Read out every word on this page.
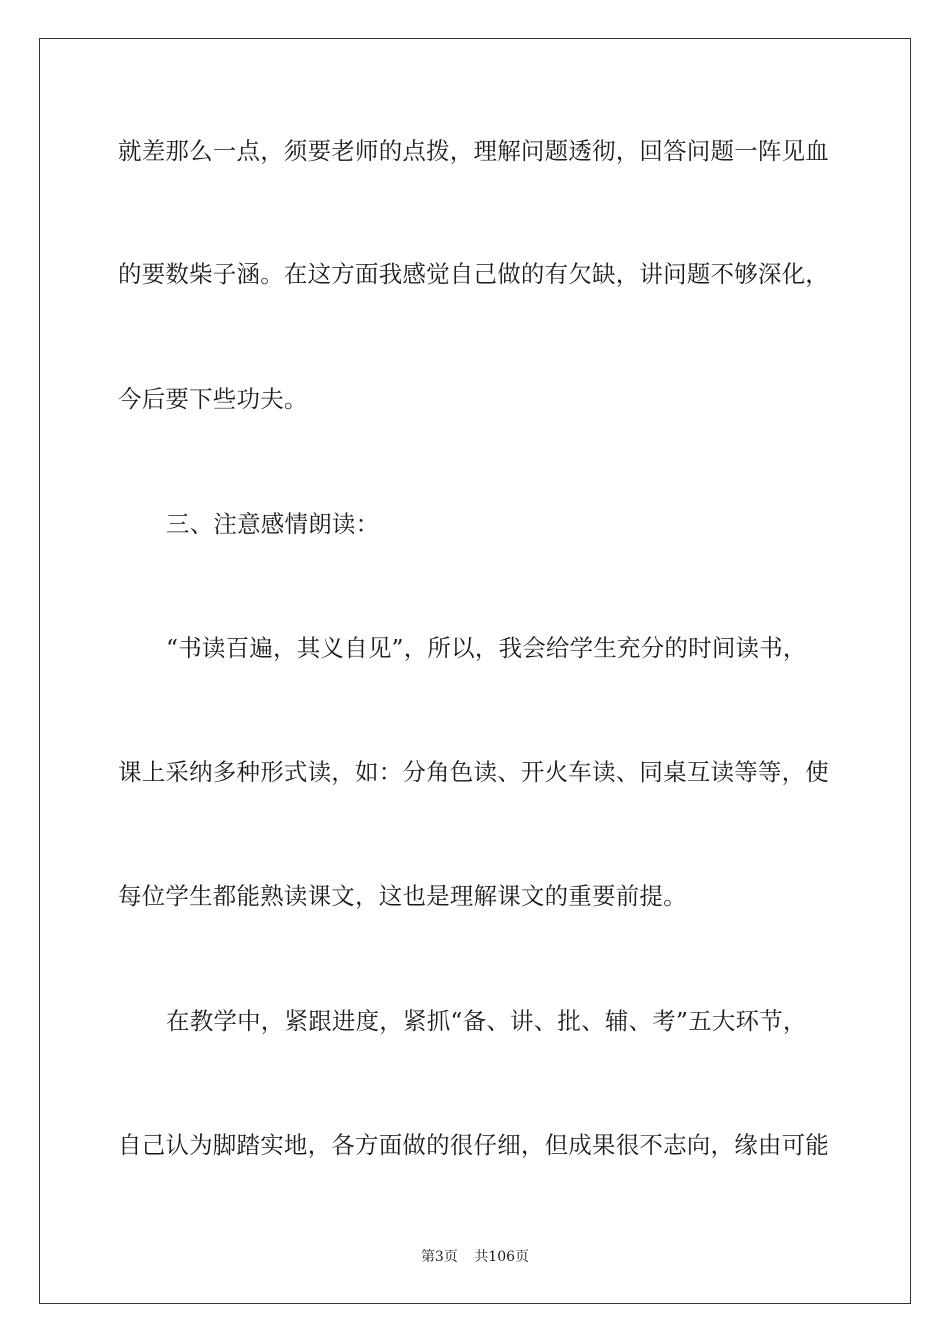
就差那么一点，须要老师的点拨，理解问题透彻，回答问题一阵见血
的要数柴子涵。在这方面我感觉自己做的有欠缺，讲问题不够深化，
今后要下些功夫。
三、注意感情朗读：
“书读百遍，其义自见”，所以，我会给学生充分的时间读书，
课上采纳多种形式读，如：分角色读、开火车读、同桌互读等等，使
每位学生都能熟读课文，这也是理解课文的重要前提。
在教学中，紧跟进度，紧抓“备、讲、批、辅、考”五大环节，
自己认为脚踏实地，各方面做的很仔细，但成果很不志向，缘由可能
第3页 共106页
